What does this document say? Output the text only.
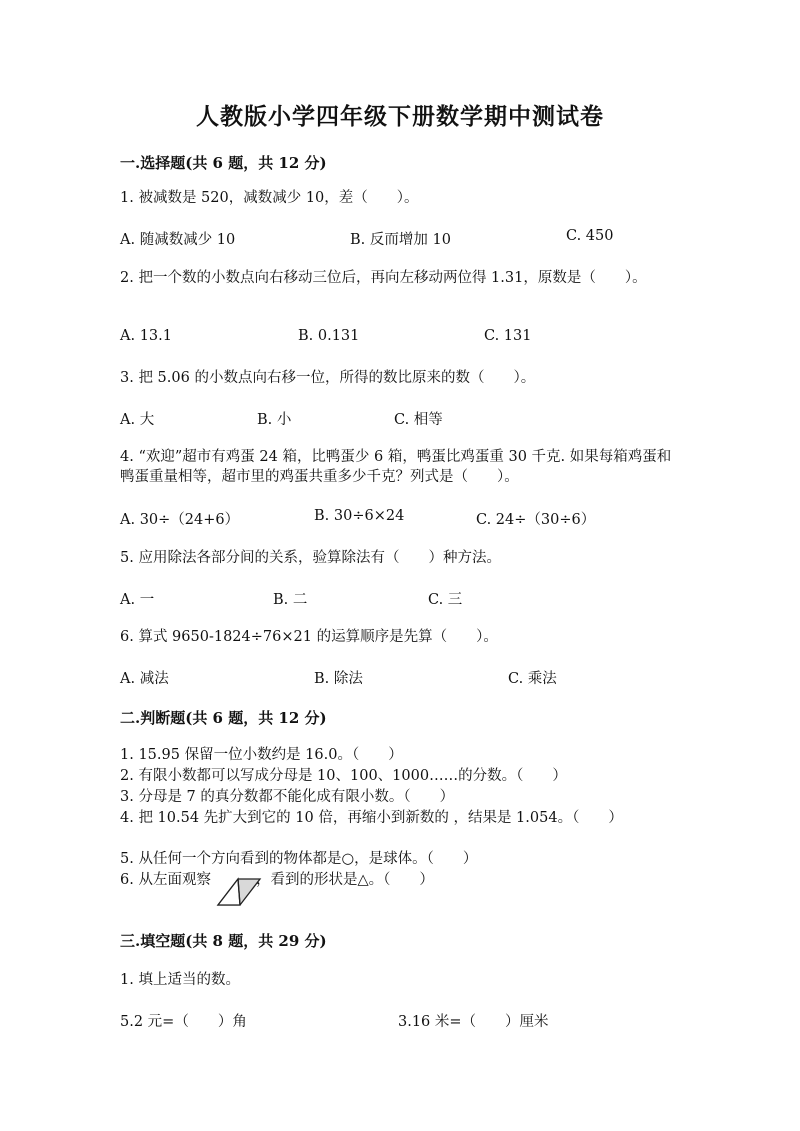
人教版小学四年级下册数学期中测试卷
一.选择题(共 6 题，共 12 分)
1. 被减数是 520，减数减少 10，差（　　）。
A. 随减数减少 10	B. 反而增加 10	C. 450
2. 把一个数的小数点向右移动三位后，再向左移动两位得 1.31，原数是（　　）。
A. 13.1	B. 0.131	C. 131
3. 把 5.06 的小数点向右移一位，所得的数比原来的数（　　）。
A. 大	B. 小	C. 相等
4. “欢迎”超市有鸡蛋 24 箱，比鸭蛋少 6 箱，鸭蛋比鸡蛋重 30 千克. 如果每箱鸡蛋和鸭蛋重量相等，超市里的鸡蛋共重多少千克？列式是（　　）。
A. 30÷（24+6）	B. 30÷6×24	C. 24÷（30÷6）
5. 应用除法各部分间的关系，验算除法有（　　）种方法。
A. 一	B. 二	C. 三
6. 算式 9650-1824÷76×21 的运算顺序是先算（　　）。
A. 减法	B. 除法	C. 乘法
二.判断题(共 6 题，共 12 分)
1. 15.95 保留一位小数约是 16.0。（　　）
2. 有限小数都可以写成分母是 10、100、1000……的分数。（　　）
3. 分母是 7 的真分数都不能化成有限小数。（　　）
4. 把 10.54 先扩大到它的 10 倍，再缩小到新数的 ，结果是 1.054。（　　）
5. 从任何一个方向看到的物体都是○，是球体。（　　）
6. 从左面观察	，看到的形状是△。（　　）
三.填空题(共 8 题，共 29 分)
1. 填上适当的数。
5.2 元=（　　）角	3.16 米=（　　）厘米
